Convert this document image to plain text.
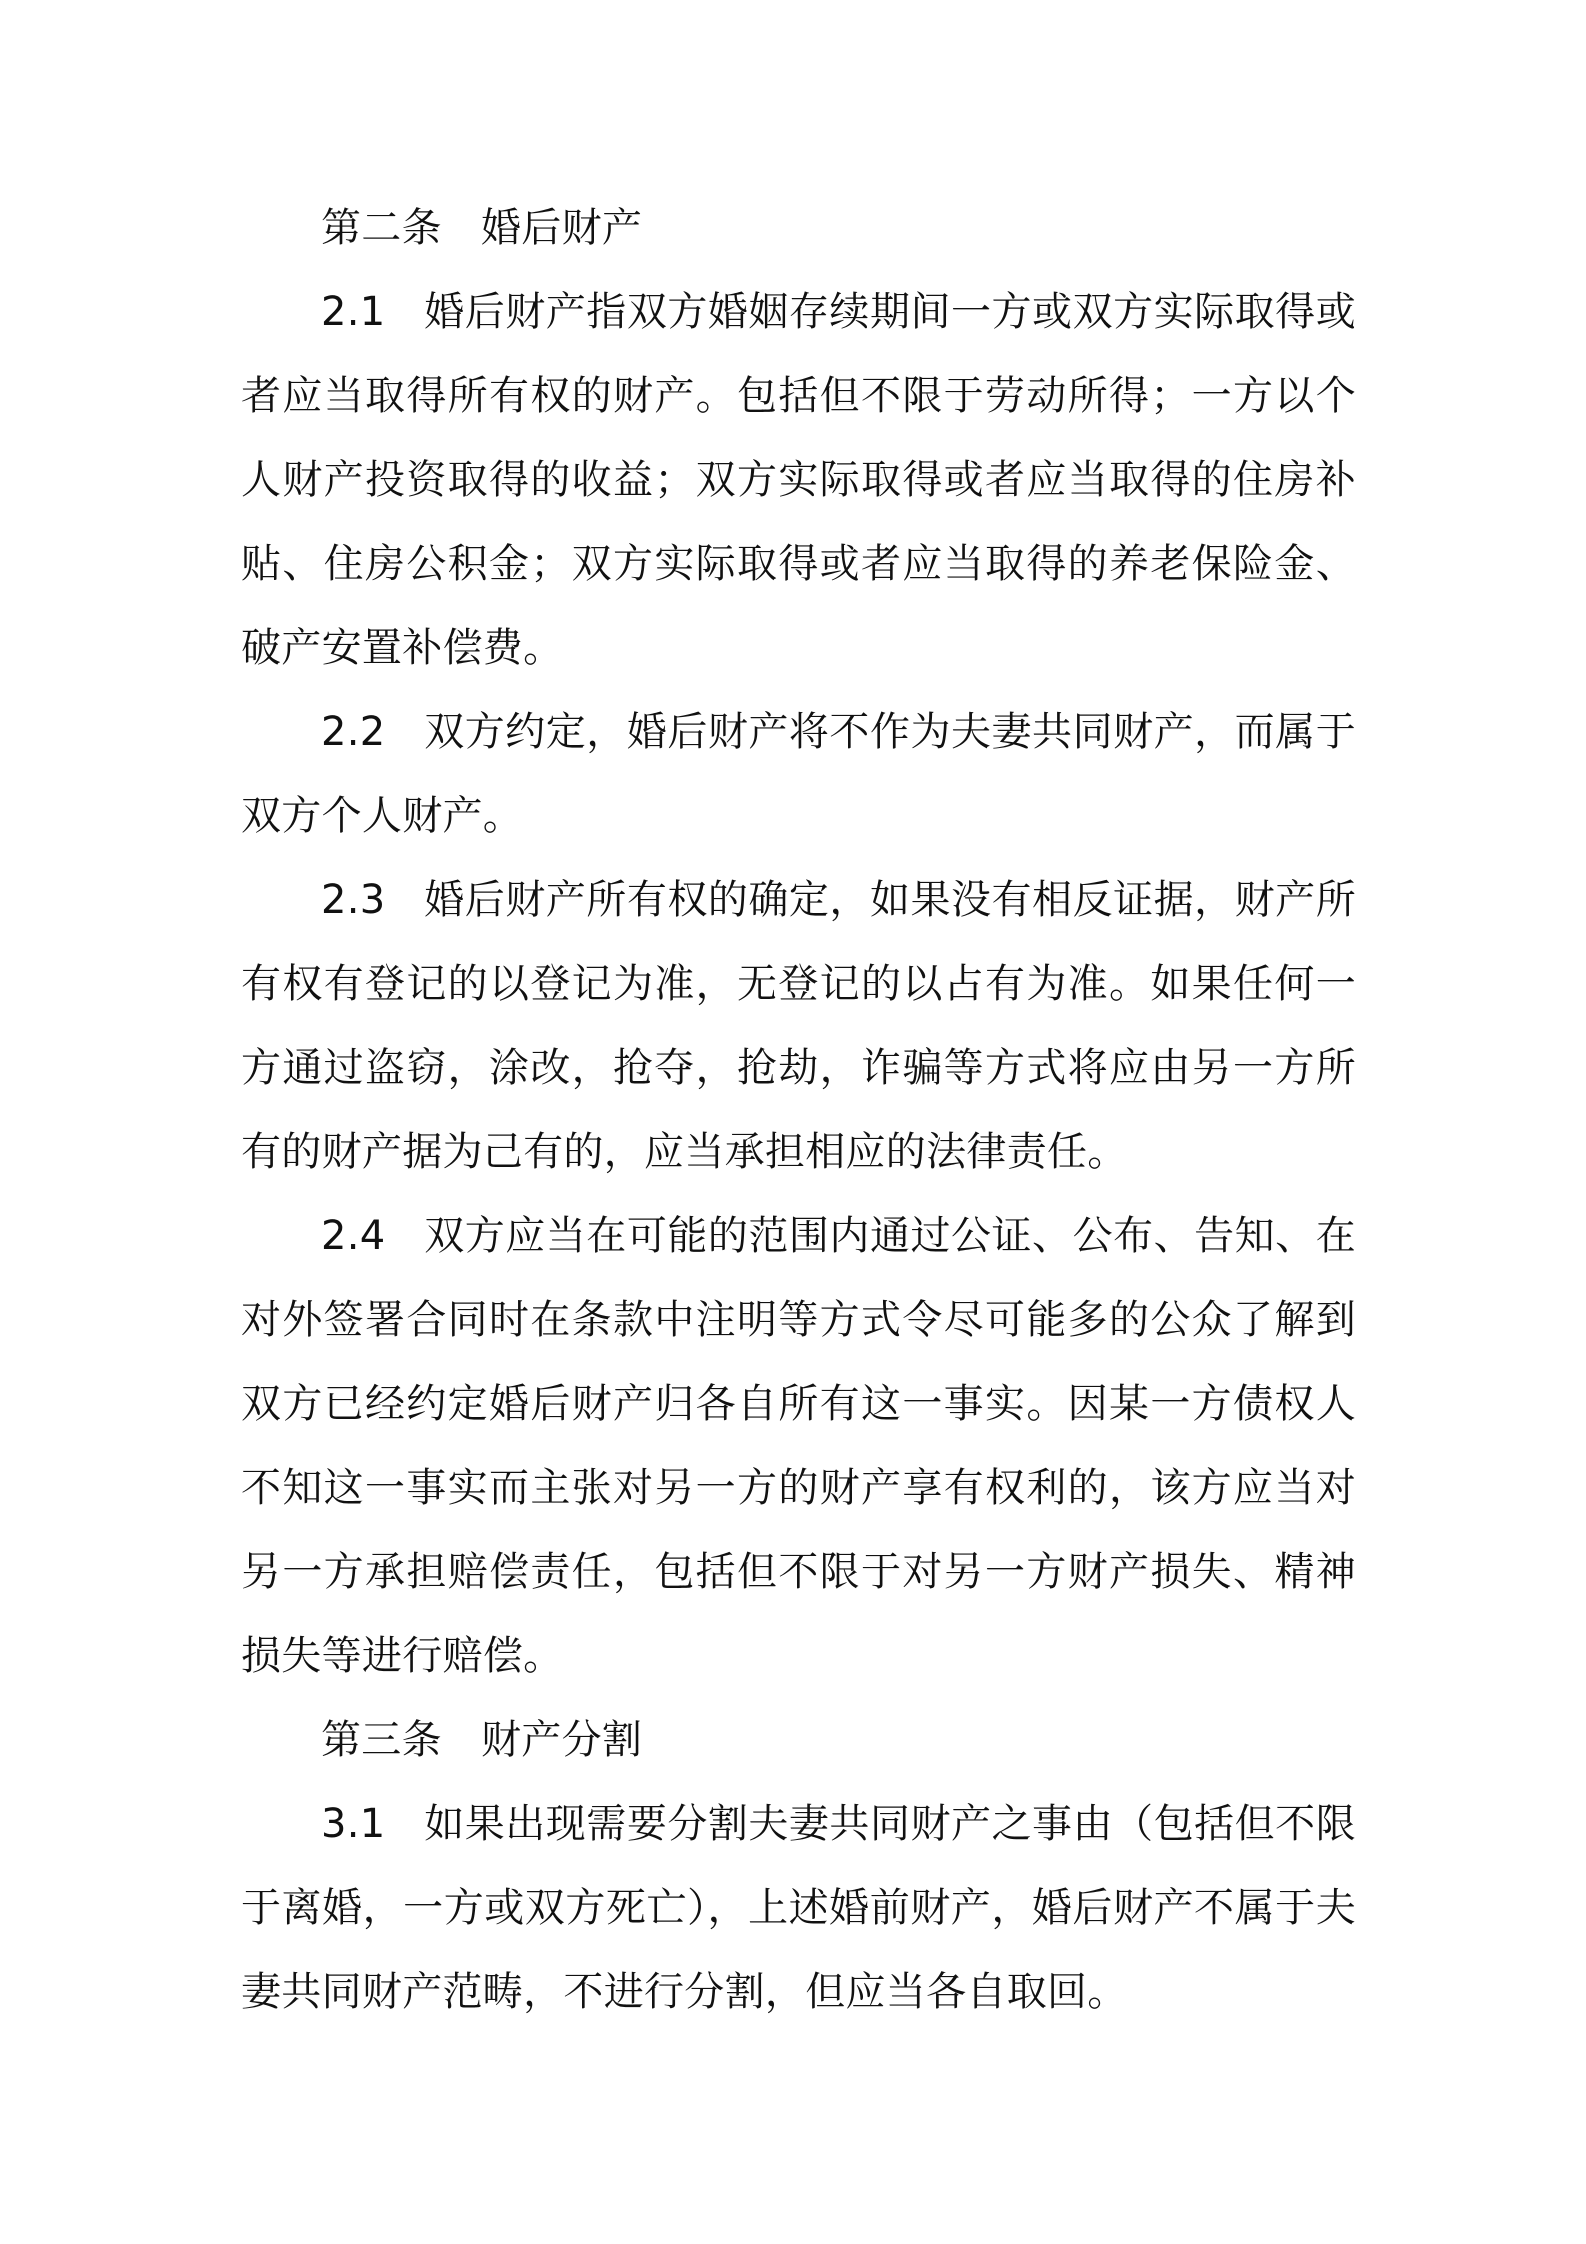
第二条 婚后财产

2.1 婚后财产指双方婚姻存续期间一方或双方实际取得或者应当取得所有权的财产。包括但不限于劳动所得；一方以个人财产投资取得的收益；双方实际取得或者应当取得的住房补贴、住房公积金；双方实际取得或者应当取得的养老保险金、破产安置补偿费。

2.2 双方约定，婚后财产将不作为夫妻共同财产，而属于双方个人财产。

2.3 婚后财产所有权的确定，如果没有相反证据，财产所有权有登记的以登记为准，无登记的以占有为准。如果任何一方通过盗窃，涂改，抢夺，抢劫，诈骗等方式将应由另一方所有的财产据为己有的，应当承担相应的法律责任。

2.4 双方应当在可能的范围内通过公证、公布、告知、在对外签署合同时在条款中注明等方式令尽可能多的公众了解到双方已经约定婚后财产归各自所有这一事实。因某一方债权人不知这一事实而主张对另一方的财产享有权利的，该方应当对另一方承担赔偿责任，包括但不限于对另一方财产损失、精神损失等进行赔偿。

第三条 财产分割

3.1 如果出现需要分割夫妻共同财产之事由（包括但不限于离婚，一方或双方死亡），上述婚前财产，婚后财产不属于夫妻共同财产范畴，不进行分割，但应当各自取回。
